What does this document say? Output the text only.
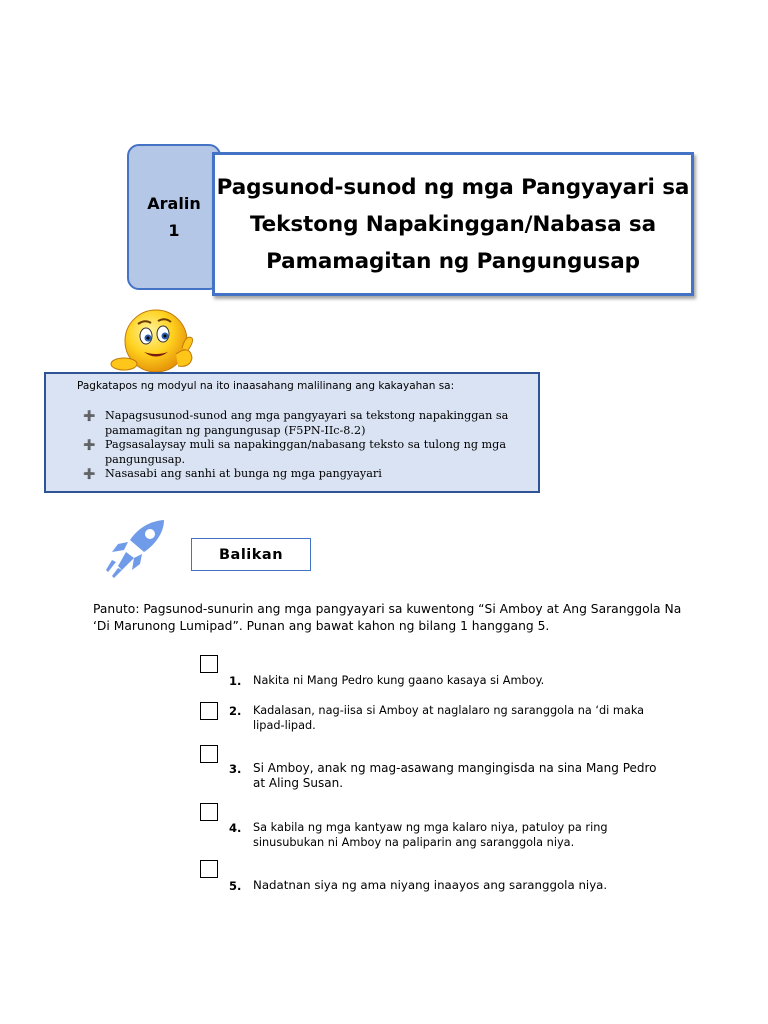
Aralin
1
Pagsunod-sunod ng mga Pangyayari sa
Tekstong Napakinggan/Nabasa sa
Pamamagitan ng Pangungusap
Pagkatapos ng modyul na ito inaasahang malilinang ang kakayahan sa:
➕ Napagsusunod-sunod ang mga pangyayari sa tekstong napakinggan sa pamamagitan ng pangungusap (F5PN-IIc-8.2)
➕ Pagsasalaysay muli sa napakinggan/nabasang teksto sa tulong ng mga pangungusap.
➕ Nasasabi ang sanhi at bunga ng mga pangyayari
Balikan
Panuto: Pagsunod-sunurin ang mga pangyayari sa kuwentong “Si Amboy at Ang Saranggola Na ‘Di Marunong Lumipad”. Punan ang bawat kahon ng bilang 1 hanggang 5.
1. Nakita ni Mang Pedro kung gaano kasaya si Amboy.
2. Kadalasan, nag-iisa si Amboy at naglalaro ng saranggola na ‘di maka lipad-lipad.
3. Si Amboy, anak ng mag-asawang mangingisda na sina Mang Pedro at Aling Susan.
4. Sa kabila ng mga kantyaw ng mga kalaro niya, patuloy pa ring sinusubukan ni Amboy na paliparin ang saranggola niya.
5. Nadatnan siya ng ama niyang inaayos ang saranggola niya.
